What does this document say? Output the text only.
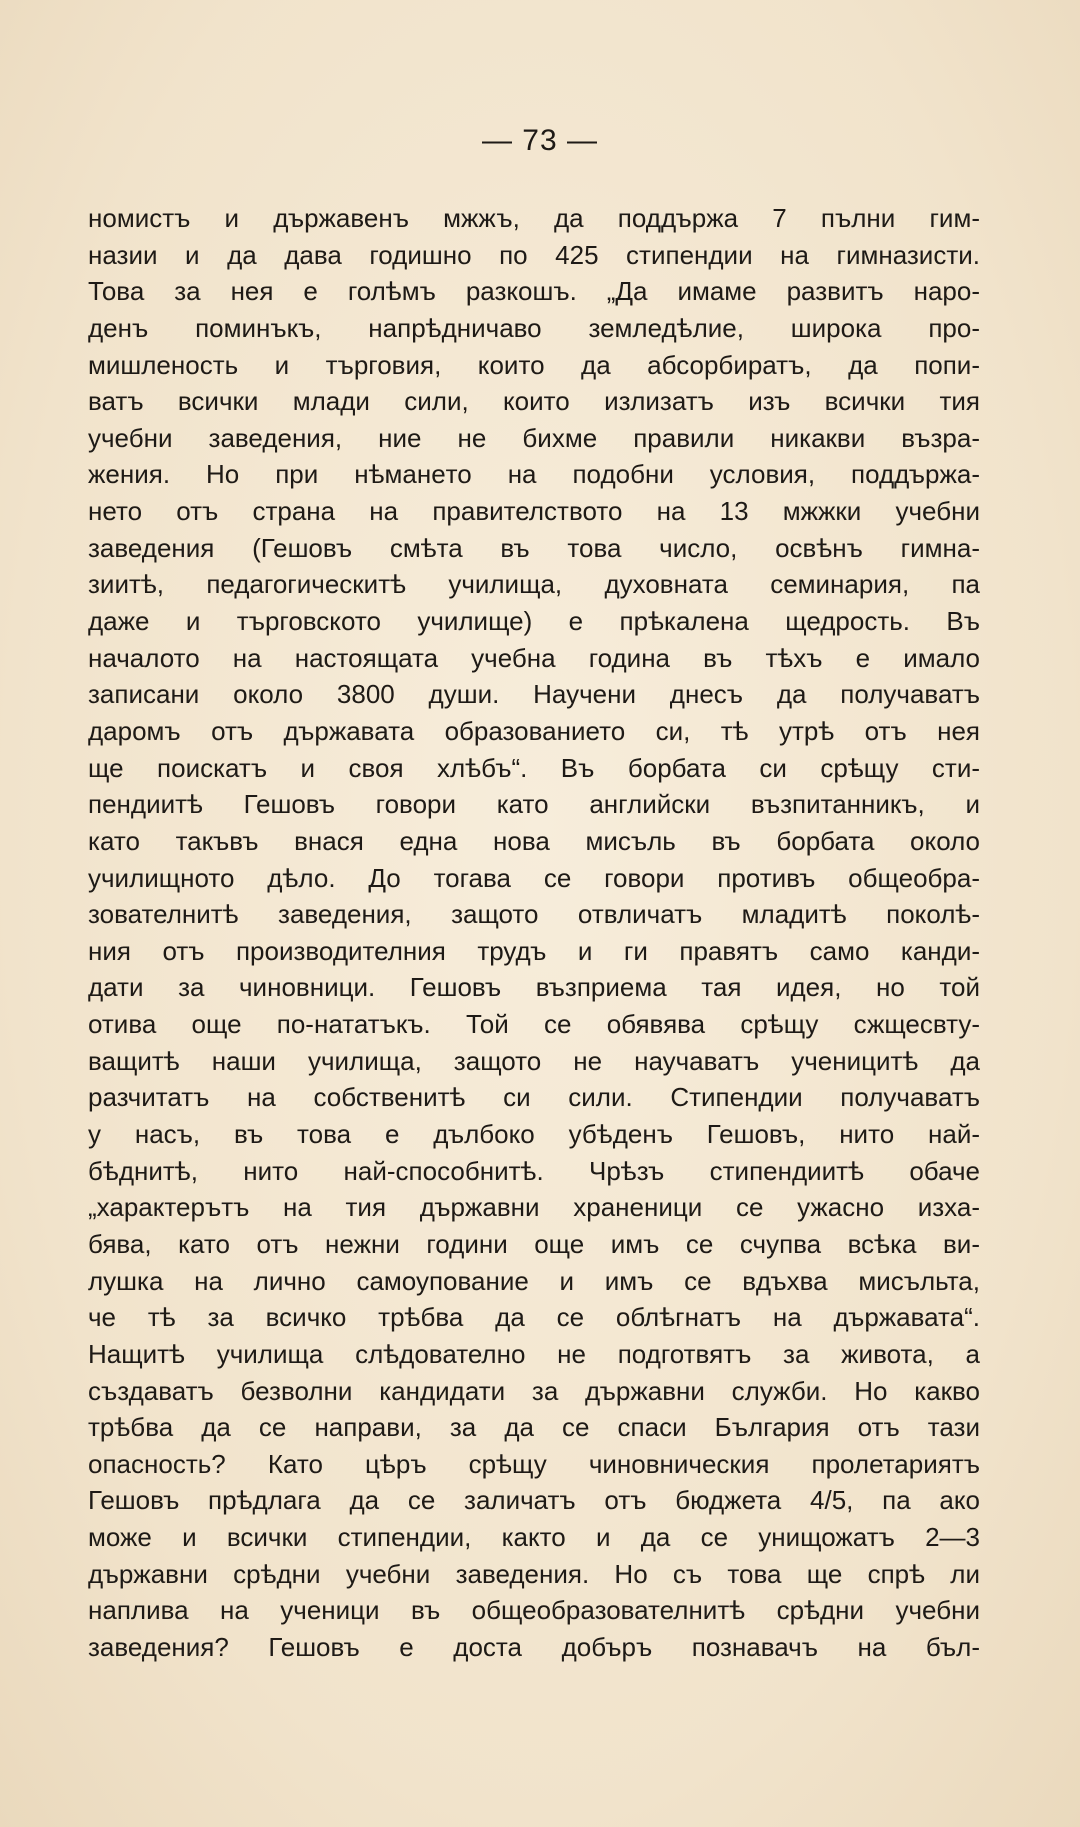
— 73 —
номистъ и държавенъ мжжъ, да поддържа 7 пълни гим-
назии и да дава годишно по 425 стипендии на гимназисти.
Това за нея е голѣмъ разкошъ. „Да имаме развитъ наро-
денъ поминъкъ, напрѣдничаво земледѣлие, широка про-
мишленость и търговия, които да абсорбиратъ, да попи-
ватъ всички млади сили, които излизатъ изъ всички тия
учебни заведения, ние не бихме правили никакви възра-
жения. Но при нѣманeто на подобни условия, поддържа-
нето отъ страна на правителството на 13 мжжки учебни
заведения (Гешовъ смѣта въ това число, освѣнъ гимна-
зиитѣ, педагогическитѣ училища, духовната семинария, па
даже и търговското училище) е прѣкалена щедрость. Въ
началото на настоящата учебна година въ тѣхъ е имало
записани около 3800 души. Научени днесъ да получаватъ
даромъ отъ държавата образованието си, тѣ утрѣ отъ нея
ще поискатъ и своя хлѣбъ“. Въ борбата си срѣщу сти-
пендиитѣ Гешовъ говори като английски възпитанникъ, и
като такъвъ внася една нова мисъль въ борбата около
училищното дѣло. До тогава се говори противъ общеобра-
зователнитѣ заведения, защото отвличатъ младитѣ поколѣ-
ния отъ производителния трудъ и ги правятъ само канди-
дати за чиновници. Гешовъ възприема тая идея, но той
отива още по-нататъкъ. Той се обявява срѣщу сжщесвту-
ващитѣ наши училища, защото не научаватъ ученицитѣ да
разчитатъ на собственитѣ си сили. Стипендии получаватъ
у насъ, въ това е дълбоко убѣденъ Гешовъ, нито най-
бѣднитѣ, нито най-способнитѣ. Чрѣзъ стипендиитѣ обаче
„характерътъ на тия държавни храненици се ужасно изха-
бява, като отъ нежни години още имъ се счупва всѣка ви-
лушка на лично самоупование и имъ се вдъхва мисъльта,
че тѣ за всичко трѣбва да се облѣгнатъ на държавата“.
Нащитѣ училища слѣдователно не подготвятъ за живота, а
създаватъ безволни кандидати за държавни служби. Но какво
трѣбва да се направи, за да се спаси България отъ тази
опасность? Като цѣръ срѣщу чиновническия пролетариятъ
Гешовъ прѣдлага да се заличатъ отъ бюджета 4/5, па ако
може и всички стипендии, както и да се унищожатъ 2—3
държавни срѣдни учебни заведения. Но съ това ще спрѣ ли
наплива на ученици въ общеобразователнитѣ срѣдни учебни
заведения? Гешовъ е доста добъръ познавачъ на бъл-
